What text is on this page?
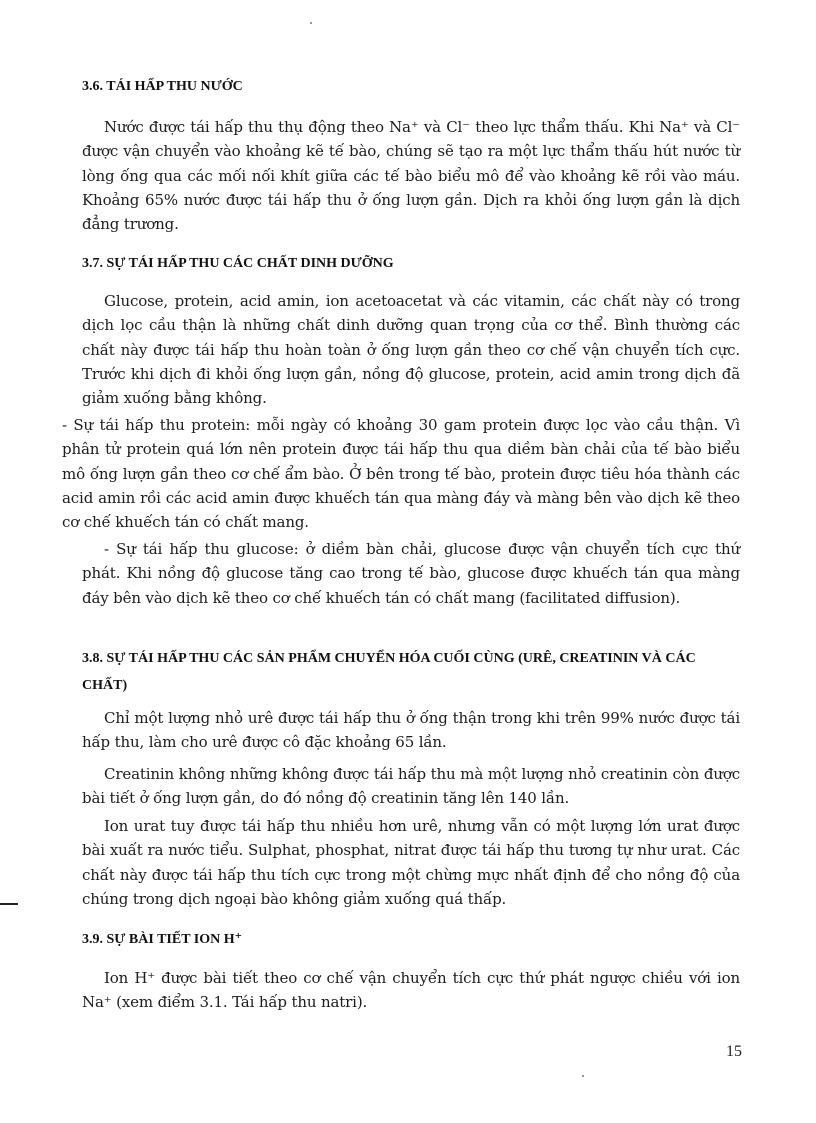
3.6. TÁI HẤP THU NƯỚC
Nước được tái hấp thu thụ động theo Na⁺ và Cl⁻ theo lực thẩm thấu. Khi Na⁺ và Cl⁻ được vận chuyển vào khoảng kẽ tế bào, chúng sẽ tạo ra một lực thẩm thấu hút nước từ lòng ống qua các mối nối khít giữa các tế bào biểu mô để vào khoảng kẽ rồi vào máu. Khoảng 65% nước được tái hấp thu ở ống lượn gần. Dịch ra khỏi ống lượn gần là dịch đẳng trương.
3.7. SỰ TÁI HẤP THU CÁC CHẤT DINH DƯỠNG
Glucose, protein, acid amin, ion acetoacetat và các vitamin, các chất này có trong dịch lọc cầu thận là những chất dinh dưỡng quan trọng của cơ thể. Bình thường các chất này được tái hấp thu hoàn toàn ở ống lượn gần theo cơ chế vận chuyển tích cực. Trước khi dịch đi khỏi ống lượn gần, nồng độ glucose, protein, acid amin trong dịch đã giảm xuống bằng không.
- Sự tái hấp thu protein: mỗi ngày có khoảng 30 gam protein được lọc vào cầu thận. Vì phân tử protein quá lớn nên protein được tái hấp thu qua diềm bàn chải của tế bào biểu mô ống lượn gần theo cơ chế ẩm bào. Ở bên trong tế bào, protein được tiêu hóa thành các acid amin rồi các acid amin được khuếch tán qua màng đáy và màng bên vào dịch kẽ theo cơ chế khuếch tán có chất mang.
- Sự tái hấp thu glucose: ở diềm bàn chải, glucose được vận chuyển tích cực thứ phát. Khi nồng độ glucose tăng cao trong tế bào, glucose được khuếch tán qua màng đáy bên vào dịch kẽ theo cơ chế khuếch tán có chất mang (facilitated diffusion).
3.8. SỰ TÁI HẤP THU CÁC SẢN PHẨM CHUYỂN HÓA CUỐI CÙNG (URÊ, CREATININ VÀ CÁC CHẤT)
Chỉ một lượng nhỏ urê được tái hấp thu ở ống thận trong khi trên 99% nước được tái hấp thu, làm cho urê được cô đặc khoảng 65 lần.
Creatinin không những không được tái hấp thu mà một lượng nhỏ creatinin còn được bài tiết ở ống lượn gần, do đó nồng độ creatinin tăng lên 140 lần.
Ion urat tuy được tái hấp thu nhiều hơn urê, nhưng vẫn có một lượng lớn urat được bài xuất ra nước tiểu. Sulphat, phosphat, nitrat được tái hấp thu tương tự như urat. Các chất này được tái hấp thu tích cực trong một chừng mực nhất định để cho nồng độ của chúng trong dịch ngoại bào không giảm xuống quá thấp.
3.9. SỰ BÀI TIẾT ION H⁺
Ion H⁺ được bài tiết theo cơ chế vận chuyển tích cực thứ phát ngược chiều với ion Na⁺ (xem điểm 3.1. Tái hấp thu natri).
15
